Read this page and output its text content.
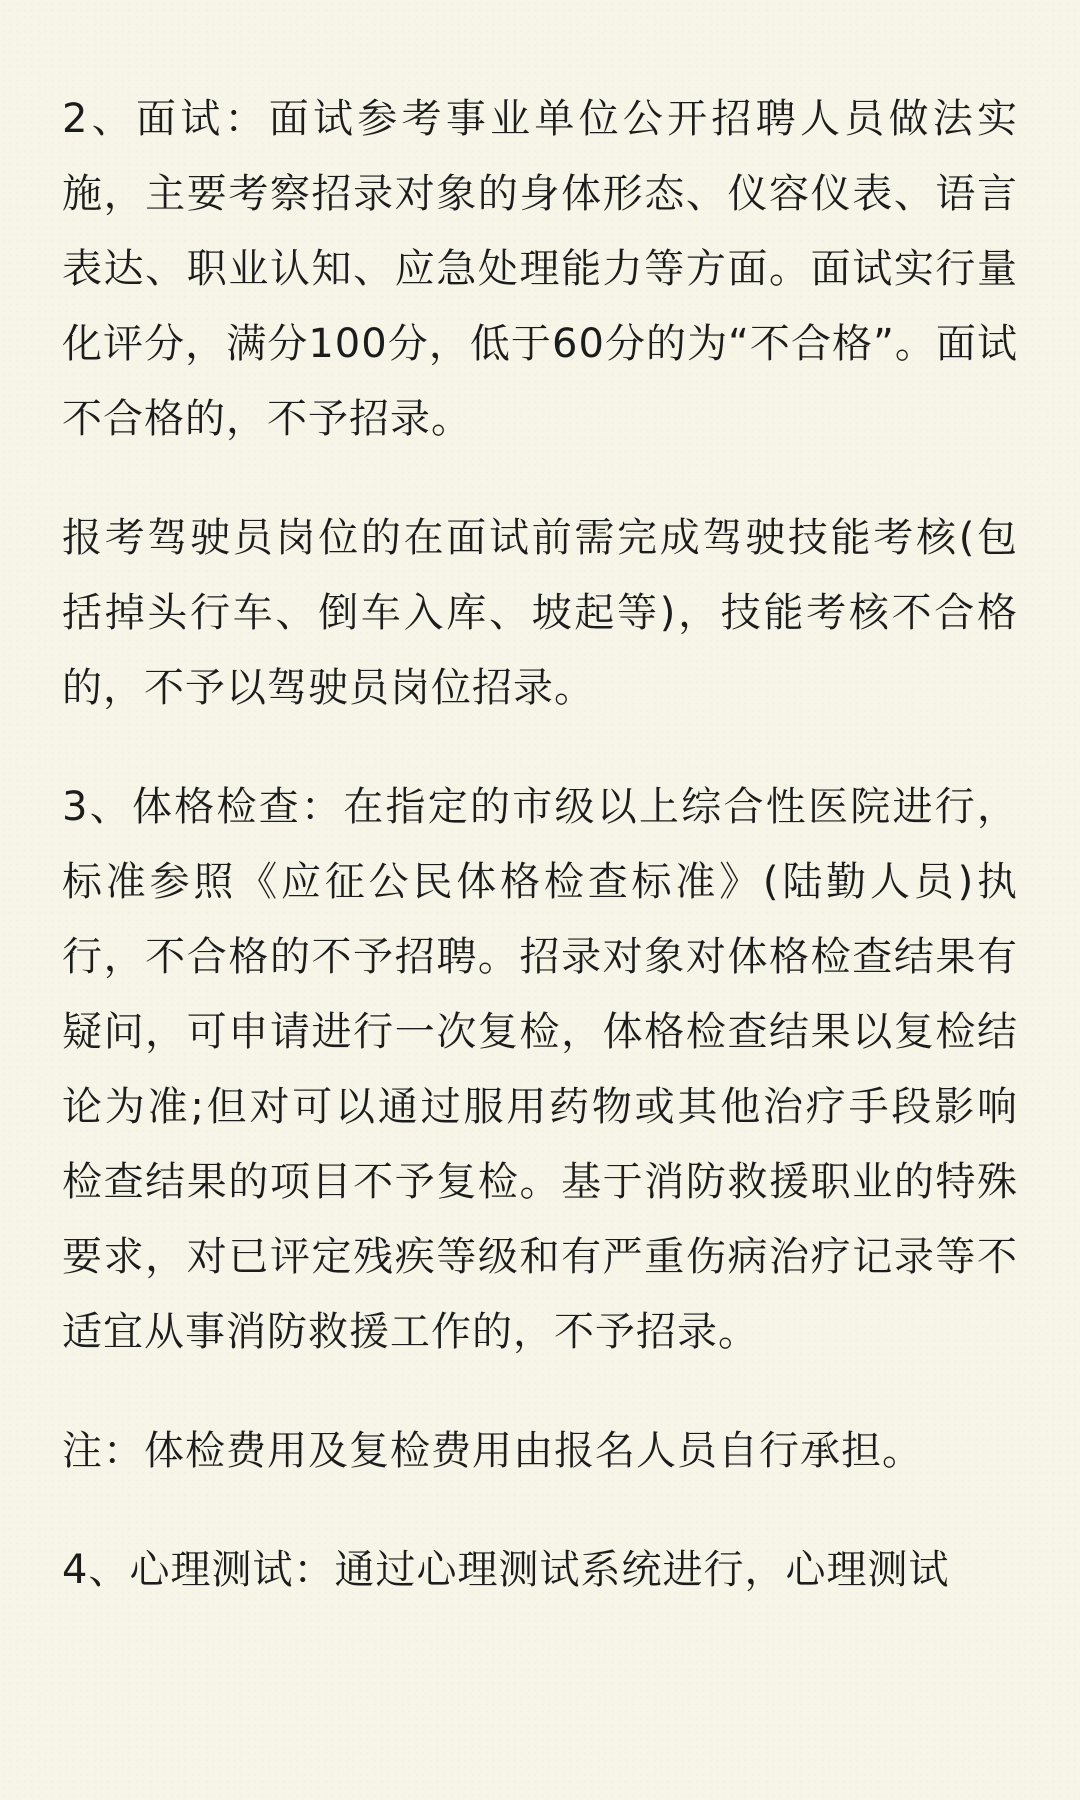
2、面试：面试参考事业单位公开招聘人员做法实施，主要考察招录对象的身体形态、仪容仪表、语言表达、职业认知、应急处理能力等方面。面试实行量化评分，满分100分，低于60分的为“不合格”。面试不合格的，不予招录。

报考驾驶员岗位的在面试前需完成驾驶技能考核(包括掉头行车、倒车入库、坡起等)，技能考核不合格的，不予以驾驶员岗位招录。

3、体格检查：在指定的市级以上综合性医院进行，标准参照《应征公民体格检查标准》(陆勤人员)执行，不合格的不予招聘。招录对象对体格检查结果有疑问，可申请进行一次复检，体格检查结果以复检结论为准;但对可以通过服用药物或其他治疗手段影响检查结果的项目不予复检。基于消防救援职业的特殊要求，对已评定残疾等级和有严重伤病治疗记录等不适宜从事消防救援工作的，不予招录。

注：体检费用及复检费用由报名人员自行承担。

4、心理测试：通过心理测试系统进行，心理测试
